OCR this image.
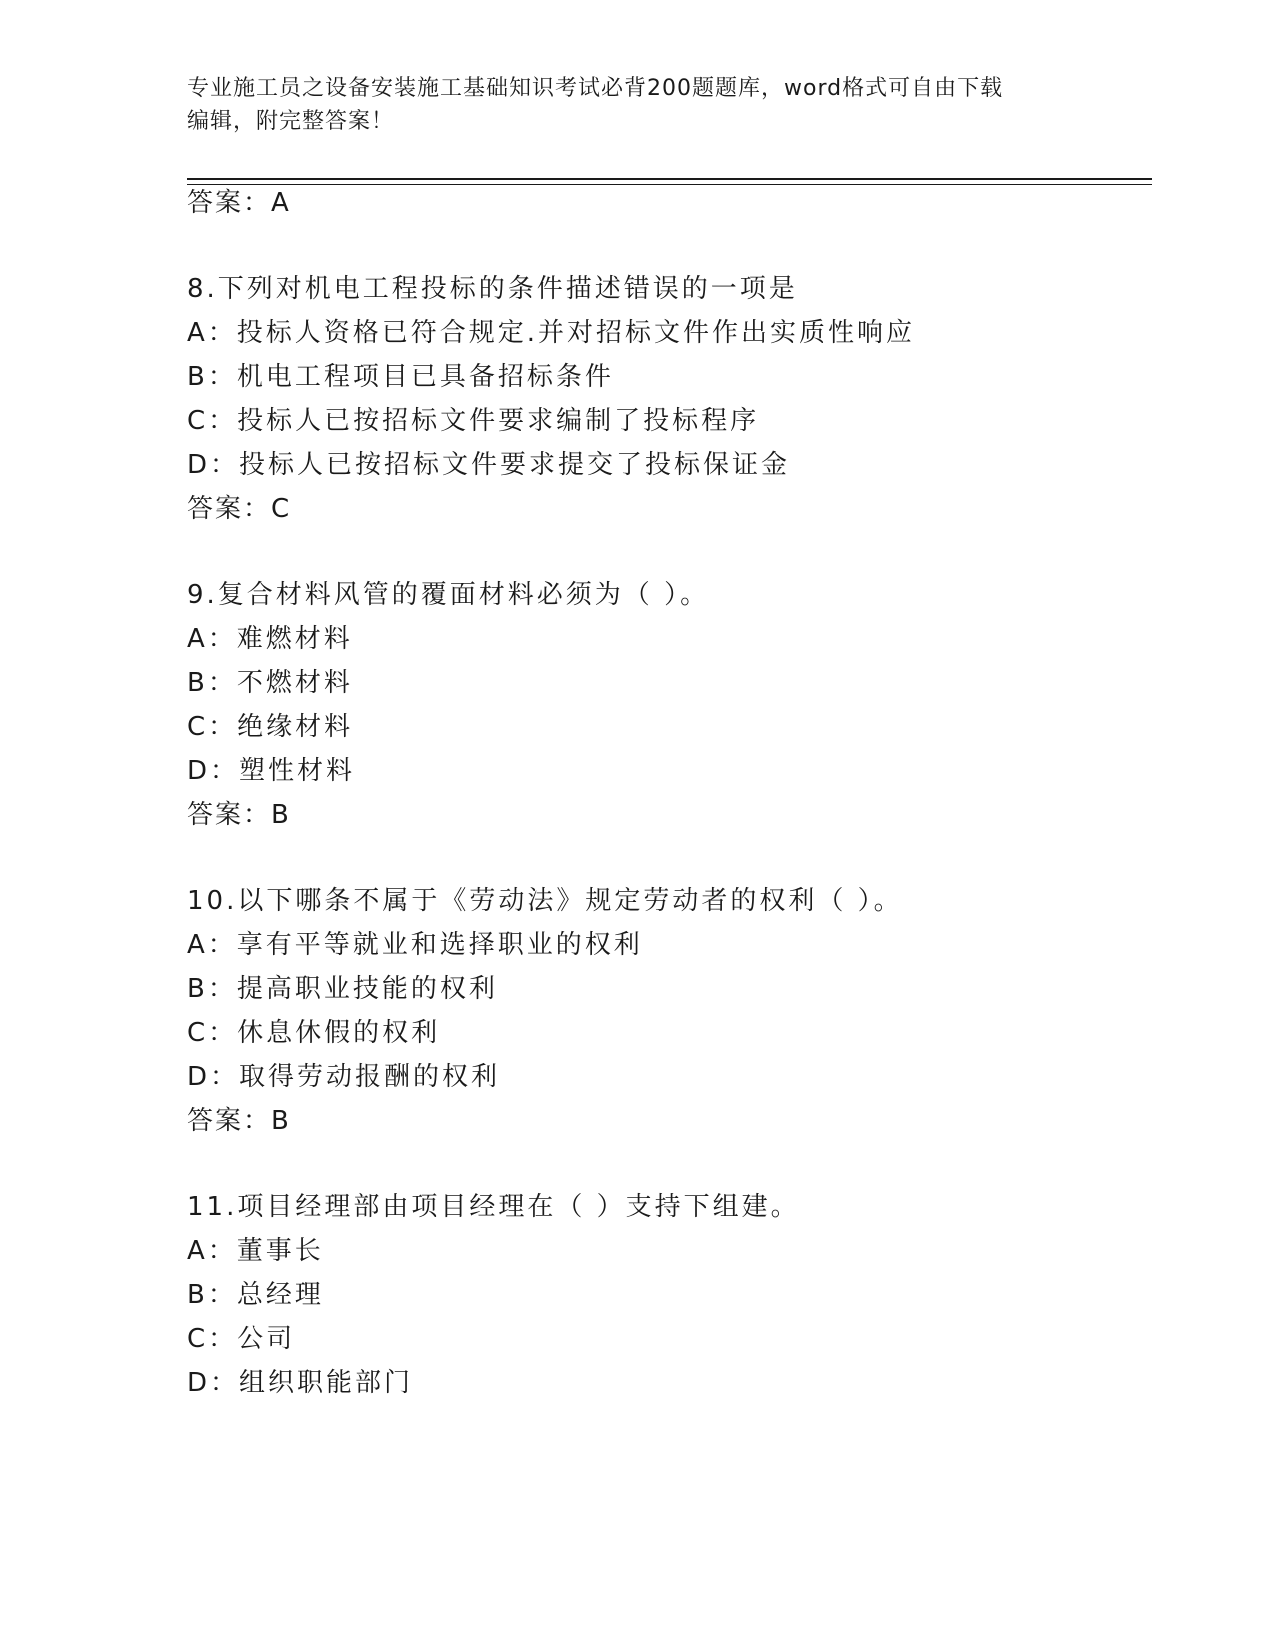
专业施工员之设备安装施工基础知识考试必背200题题库，word格式可自由下载
编辑，附完整答案！
答案：A
8.下列对机电工程投标的条件描述错误的一项是
A：投标人资格已符合规定.并对招标文件作出实质性响应
B：机电工程项目已具备招标条件
C：投标人已按招标文件要求编制了投标程序
D：投标人已按招标文件要求提交了投标保证金
答案：C
9.复合材料风管的覆面材料必须为（ ）。
A：难燃材料
B：不燃材料
C：绝缘材料
D：塑性材料
答案：B
10.以下哪条不属于《劳动法》规定劳动者的权利（ ）。
A：享有平等就业和选择职业的权利
B：提高职业技能的权利
C：休息休假的权利
D：取得劳动报酬的权利
答案：B
11.项目经理部由项目经理在（ ）支持下组建。
A：董事长
B：总经理
C：公司
D：组织职能部门
